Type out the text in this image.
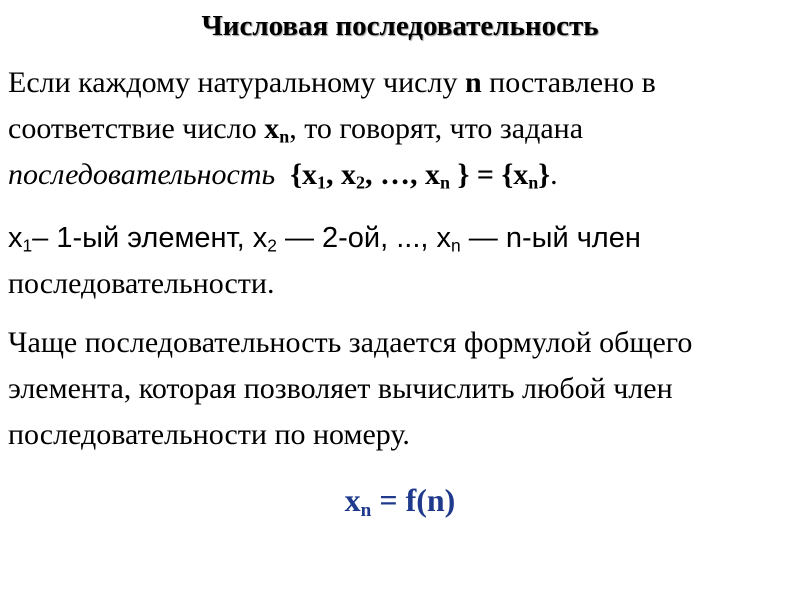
Числовая последовательность

Если каждому натуральному числу n поставлено в соответствие число $x_n$, то говорят, что задана последовательность {$x_1$, $x_2$, …, $x_n$ } = $\{x_n\}$.

$x_1-$ 1-ый элемент, $x_2$ — 2-ой, ..., $x_n$ — n-ый член
последовательности.

Чаще последовательность задается формулой общего элемента, которая позволяет вычислить любой член последовательности по номеру.

$x_n = f(n)$
